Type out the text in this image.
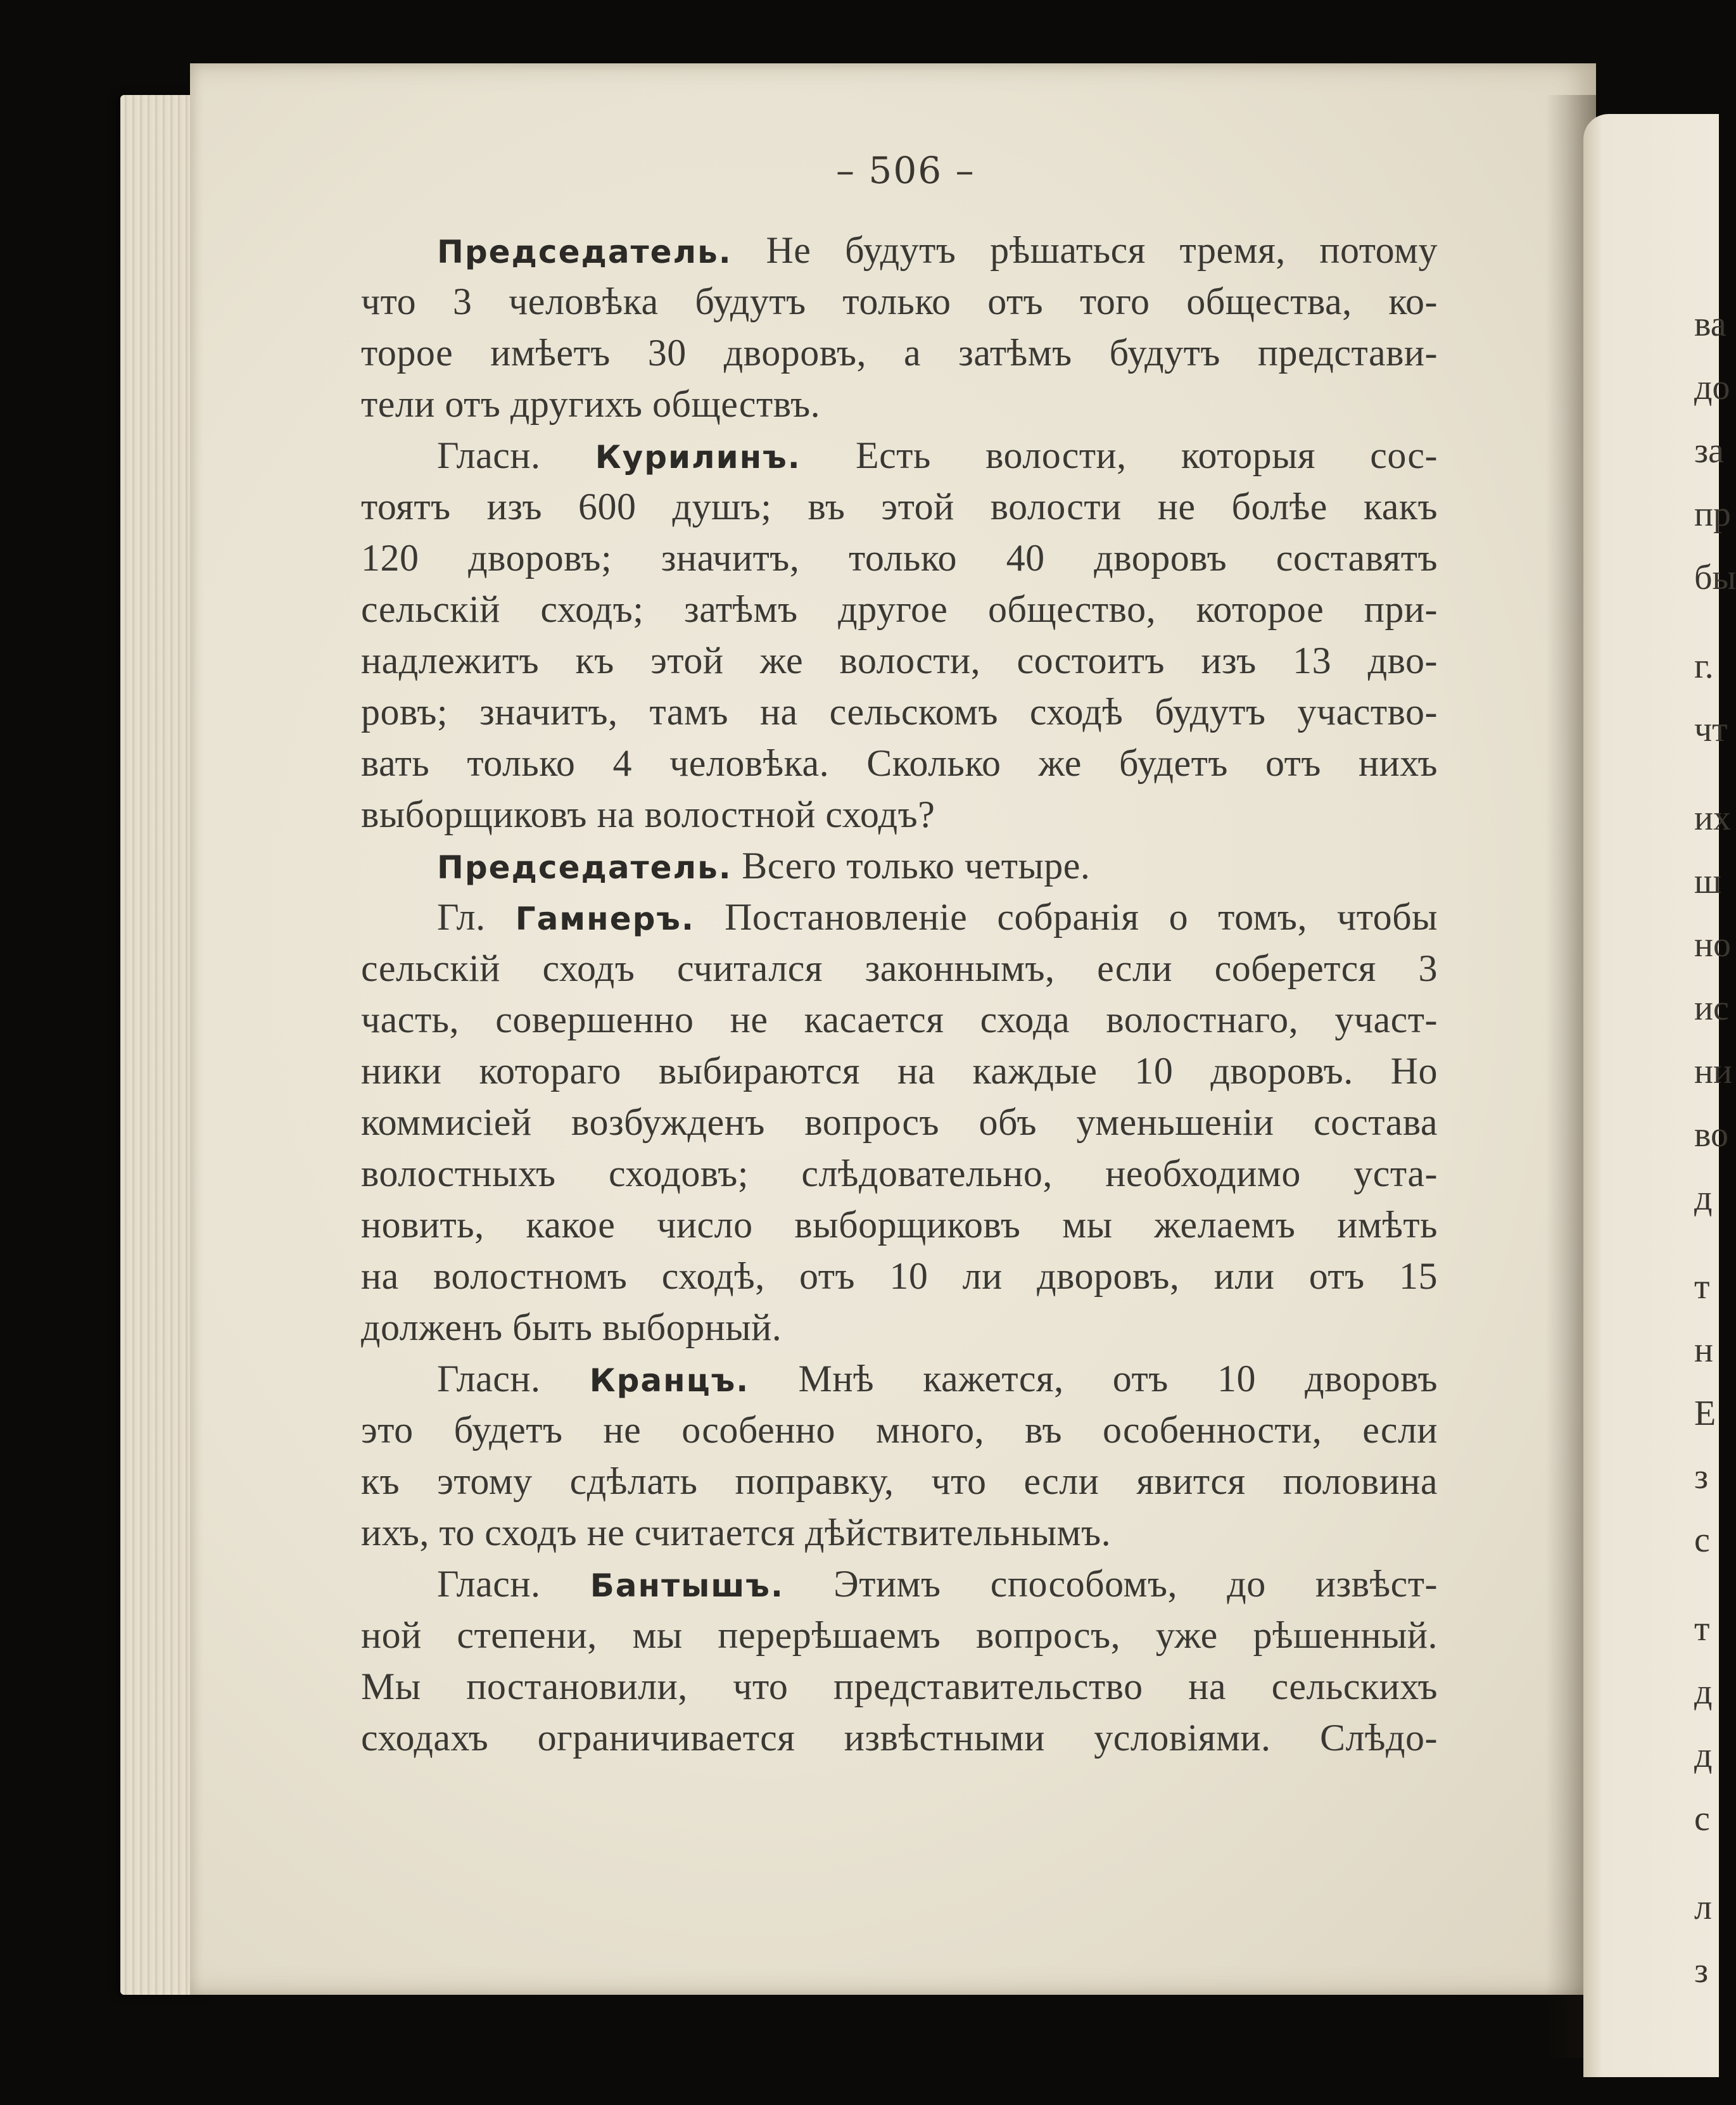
– 506 –
Председатель. Не будутъ рѣшаться тремя, потому
что 3 человѣка будутъ только отъ того общества, ко-
торое имѣетъ 30 дворовъ, а затѣмъ будутъ представи-
тели отъ другихъ обществъ.
Гласн. Курилинъ. Есть волости, которыя сос-
тоятъ изъ 600 душъ; въ этой волости не болѣе какъ
120 дворовъ; значитъ, только 40 дворовъ составятъ
сельскій сходъ; затѣмъ другое общество, которое при-
надлежитъ къ этой же волости, состоитъ изъ 13 дво-
ровъ; значитъ, тамъ на сельскомъ сходѣ будутъ участво-
вать только 4 человѣка. Сколько же будетъ отъ нихъ
выборщиковъ на волостной сходъ?
Председатель. Всего только четыре.
Гл. Гамнеръ. Постановленіе собранія о томъ, чтобы
сельскій сходъ считался законнымъ, если соберется 3
часть, совершенно не касается схода волостнаго, участ-
ники котораго выбираются на каждые 10 дворовъ. Но
коммисіей возбужденъ вопросъ объ уменьшеніи состава
волостныхъ сходовъ; слѣдовательно, необходимо уста-
новить, какое число выборщиковъ мы желаемъ имѣть
на волостномъ сходѣ, отъ 10 ли дворовъ, или отъ 15
долженъ быть выборный.
Гласн. Кранцъ. Мнѣ кажется, отъ 10 дворовъ
это будетъ не особенно много, въ особенности, если
къ этому сдѣлать поправку, что если явится половина
ихъ, то сходъ не считается дѣйствительнымъ.
Гласн. Бантышъ. Этимъ способомъ, до извѣст-
ной степени, мы перерѣшаемъ вопросъ, уже рѣшенный.
Мы постановили, что представительство на сельскихъ
сходахъ ограничивается извѣстными условіями. Слѣдо-
ва
до
за
пр
бы
г.
чт
их
ш
но
ис
ни
во
д
т
н
Е
з
с
т
д
д
с
л
з
